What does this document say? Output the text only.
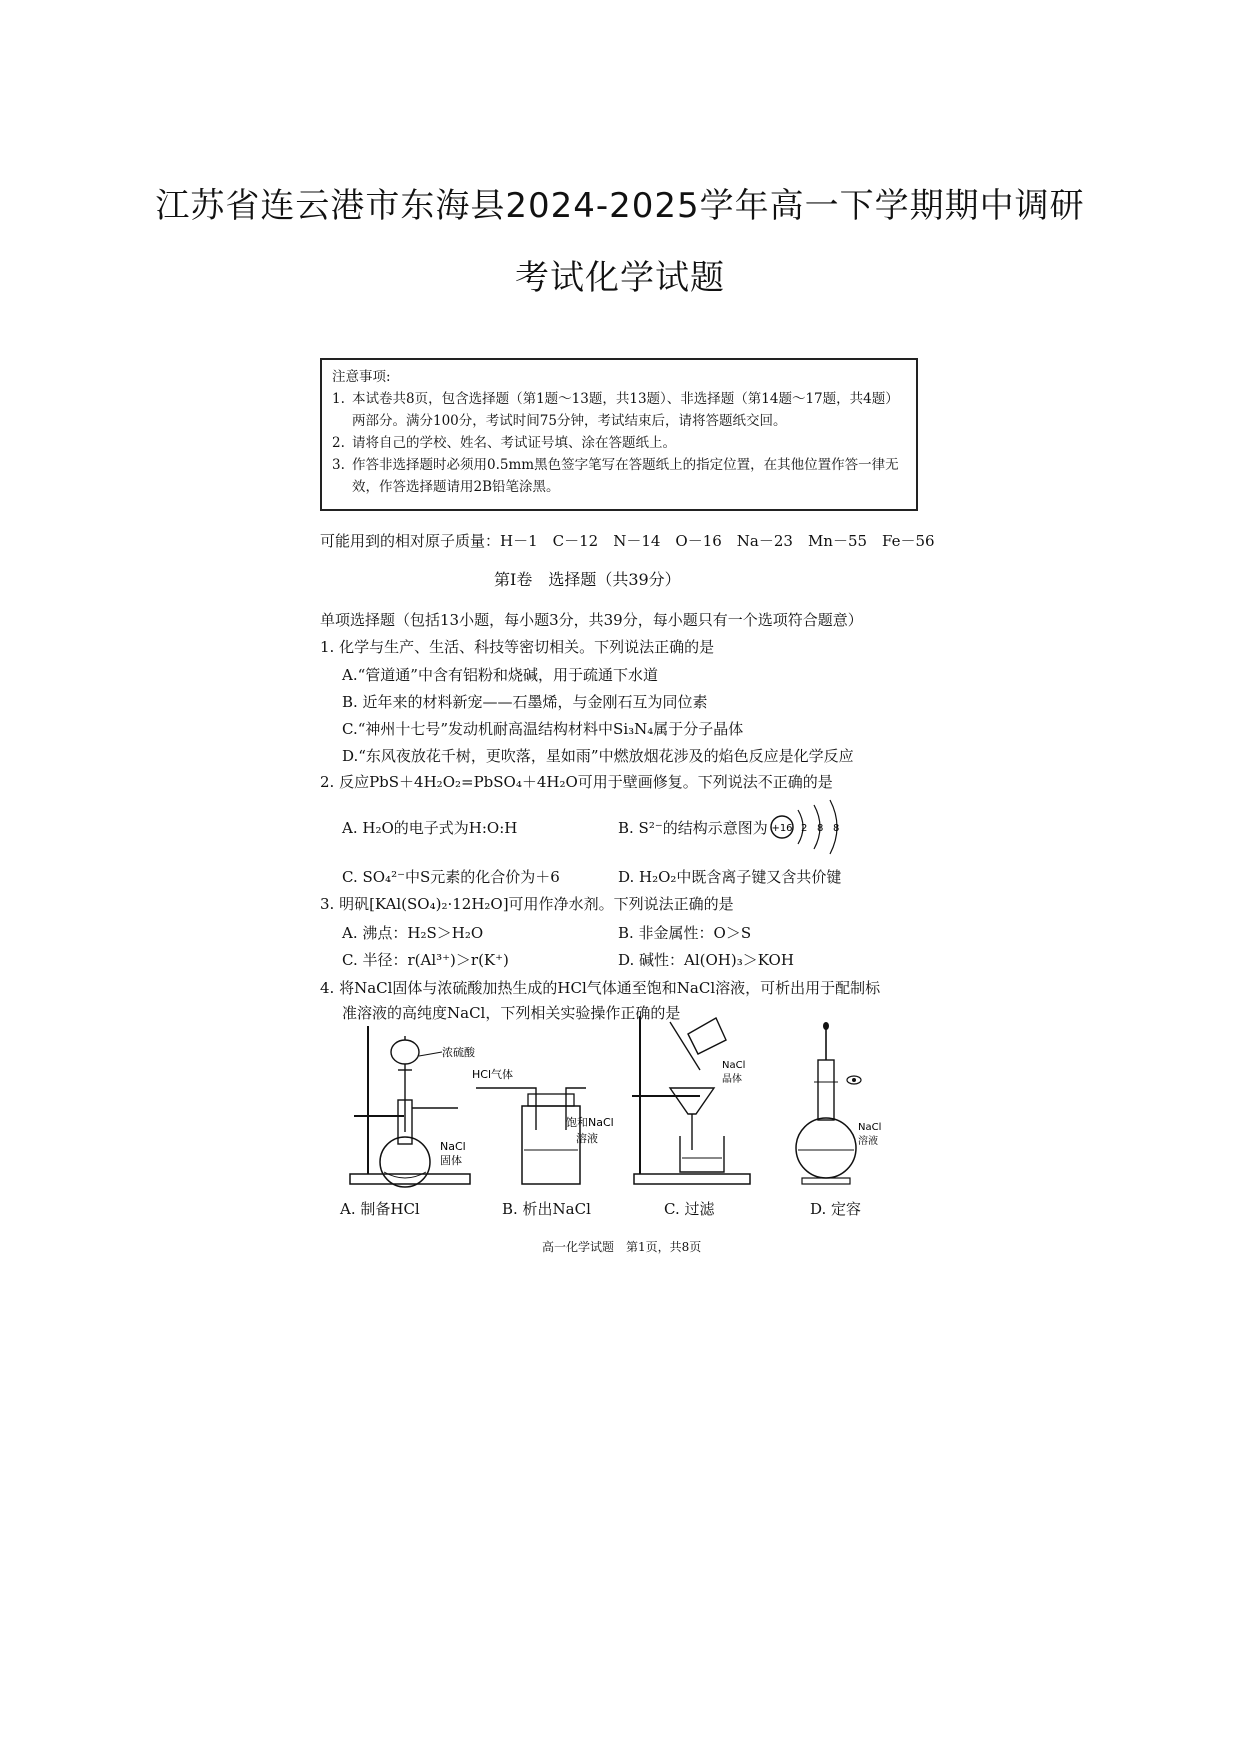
江苏省连云港市东海县2024-2025学年高一下学期期中调研
考试化学试题
注意事项:
1. 本试卷共8页，包含选择题（第1题～13题，共13题）、非选择题（第14题～17题，共4题）两部分。满分100分，考试时间75分钟，考试结束后，请将答题纸交回。
2. 请将自己的学校、姓名、考试证号填、涂在答题纸上。
3. 作答非选择题时必须用0.5mm黑色签字笔写在答题纸上的指定位置，在其他位置作答一律无效，作答选择题请用2B铅笔涂黑。
可能用到的相对原子质量：H－1　C－12　N－14　O－16　Na－23　Mn－55　Fe－56
第Ⅰ卷　选择题（共39分）
单项选择题（包括13小题，每小题3分，共39分，每小题只有一个选项符合题意）
1. 化学与生产、生活、科技等密切相关。下列说法正确的是
A.“管道通”中含有铝粉和烧碱，用于疏通下水道
B. 近年来的材料新宠——石墨烯，与金刚石互为同位素
C.“神州十七号”发动机耐高温结构材料中Si₃N₄属于分子晶体
D.“东风夜放花千树，更吹落，星如雨”中燃放烟花涉及的焰色反应是化学反应
2. 反应PbS＋4H₂O₂=PbSO₄＋4H₂O可用于壁画修复。下列说法不正确的是
A. H₂O的电子式为H:O:H	B. S²⁻的结构示意图为 +16 2 8 8
C. SO₄²⁻中S元素的化合价为＋6	D. H₂O₂中既含离子键又含共价键
3. 明矾[KAl(SO₄)₂·12H₂O]可用作净水剂。下列说法正确的是
A. 沸点：H₂S＞H₂O	B. 非金属性：O＞S
C. 半径：r(Al³⁺)＞r(K⁺)	D. 碱性：Al(OH)₃＞KOH
4. 将NaCl固体与浓硫酸加热生成的HCl气体通至饱和NaCl溶液，可析出用于配制标
准溶液的高纯度NaCl，下列相关实验操作正确的是
浓硫酸
NaCl
固体
HCl气体
饱和NaCl
溶液
NaCl
晶体
NaCl
溶液
A. 制备HCl	B. 析出NaCl	C. 过滤	D. 定容
高一化学试题　第1页，共8页
